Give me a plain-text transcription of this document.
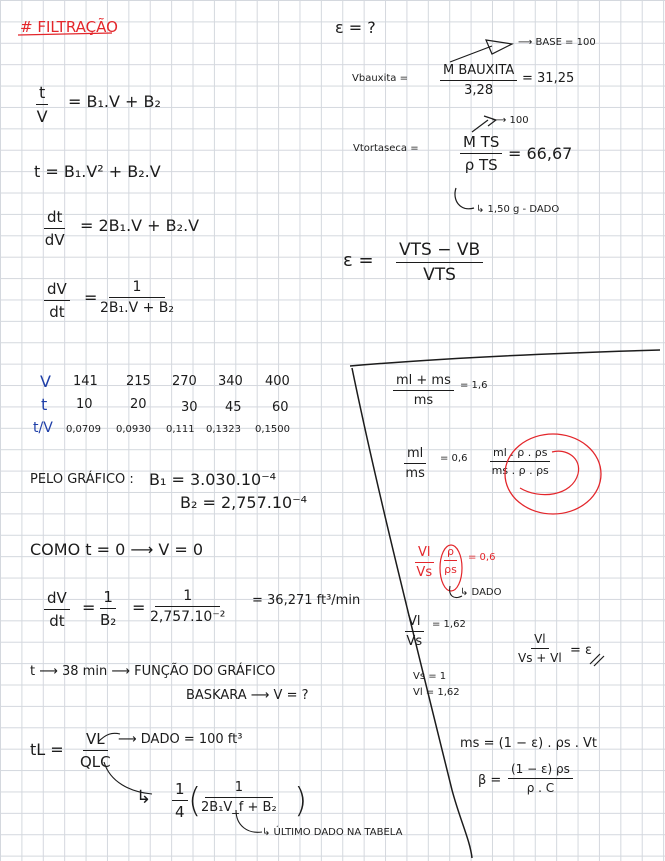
# FILTRAÇÃO
$\frac{t}{V} = B_1.V + B_2$
t = B₁.V² + B₂.V
$\frac{dt}{dV} = 2B_1.V + B_2.V$
$\frac{dV}{dt} = \frac{1}{\text{2B₁.V + B₂}}$
V 141 215 270 340 400
t 10	20	30 45 60
t/V 0,0709 0,0930 0,111 0,1323 0,1500
PELO GRÁFICO : B₁ = 3.030.10⁻⁴
B₂ = 2,757.10⁻⁴
COMO t = 0 ⟶ V = 0
$\frac{dV}{dt} = \frac{1}{\text{B₂}} = \frac{1}{\text{2,757.10⁻²}} = 36,271$ ft³/min
t ⟶ 38 min ⟶ FUNÇÃO DO GRÁFICO
BASKARA ⟶ V = ?
tL =
VL
QLC
⟶ DADO = 100 ft³
↳ $\frac{1}{4}$ ( $\frac{1}{\text{2B₁V\_f + B₂}}$ )
↳ ÚLTIMO DADO NA TABELA
ε = ?
⟶ BASE = 100
Vbauxita =
M BAUXITA
3,28
= 31,25
⟶ 100
Vtortaseca =	$\frac{\text{M TS}}{\text{ρ TS}} = 66,67$
↳ 1,50 g - DADO
ε = VTS − VB
VTS
$\frac{ml + ms}{ms} = 1,6$
$\frac{ml}{ms} = 0,6 \frac{ml . \rho . \rho s}{ms . \rho . \rho s}$
$\frac{Vl}{Vs} \frac{\rho}{\rho s} = 0,6$
↳ DADO
$\frac{Vl}{Vs} = 1,62$
$\frac{Vl}{Vs + Vl} = \varepsilon$
Vs = 1
Vl = 1,62
ms = (1 − ε) . ρs . Vt
$\beta = \frac{(1 - \varepsilon) \rho s}{\rho . C}$
